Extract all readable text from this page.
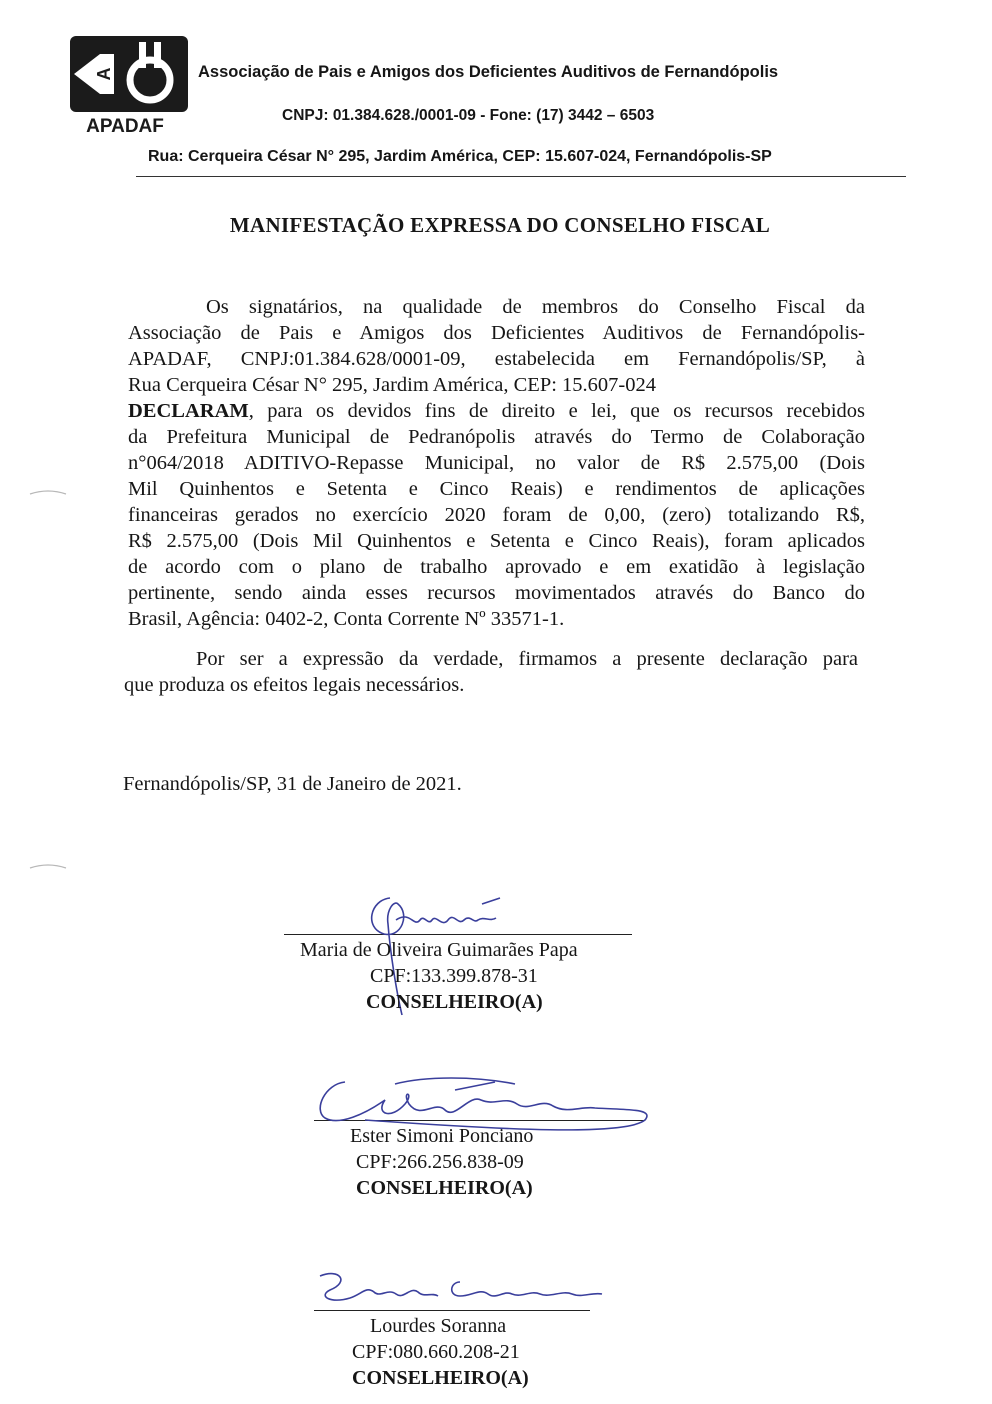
A
APADAF
Associação de Pais e Amigos dos Deficientes Auditivos de Fernandópolis
CNPJ: 01.384.628./0001-09 - Fone: (17) 3442 – 6503
Rua: Cerqueira César N° 295, Jardim América, CEP: 15.607-024, Fernandópolis-SP
MANIFESTAÇÃO EXPRESSA DO CONSELHO FISCAL
Os signatários, na qualidade de membros do Conselho Fiscal da
Associação de Pais e Amigos dos Deficientes Auditivos de Fernandópolis-
APADAF, CNPJ:01.384.628/0001-09, estabelecida em Fernandópolis/SP, à
Rua Cerqueira César N° 295, Jardim América, CEP: 15.607-024
DECLARAM, para os devidos fins de direito e lei, que os recursos recebidos
da Prefeitura Municipal de Pedranópolis através do Termo de Colaboração
n°064/2018 ADITIVO-Repasse Municipal, no valor de R$ 2.575,00 (Dois
Mil Quinhentos e Setenta e Cinco Reais) e rendimentos de aplicações
financeiras gerados no exercício 2020 foram de 0,00, (zero) totalizando R$,
R$ 2.575,00 (Dois Mil Quinhentos e Setenta e Cinco Reais), foram aplicados
de acordo com o plano de trabalho aprovado e em exatidão à legislação
pertinente, sendo ainda esses recursos movimentados através do Banco do
Brasil, Agência: 0402-2, Conta Corrente Nº 33571-1.
Por ser a expressão da verdade, firmamos a presente declaração para
que produza os efeitos legais necessários.
Fernandópolis/SP, 31 de Janeiro de 2021.
Maria de Oliveira Guimarães Papa
CPF:133.399.878-31
CONSELHEIRO(A)
Ester Simoni Ponciano
CPF:266.256.838-09
CONSELHEIRO(A)
Lourdes Soranna
CPF:080.660.208-21
CONSELHEIRO(A)
